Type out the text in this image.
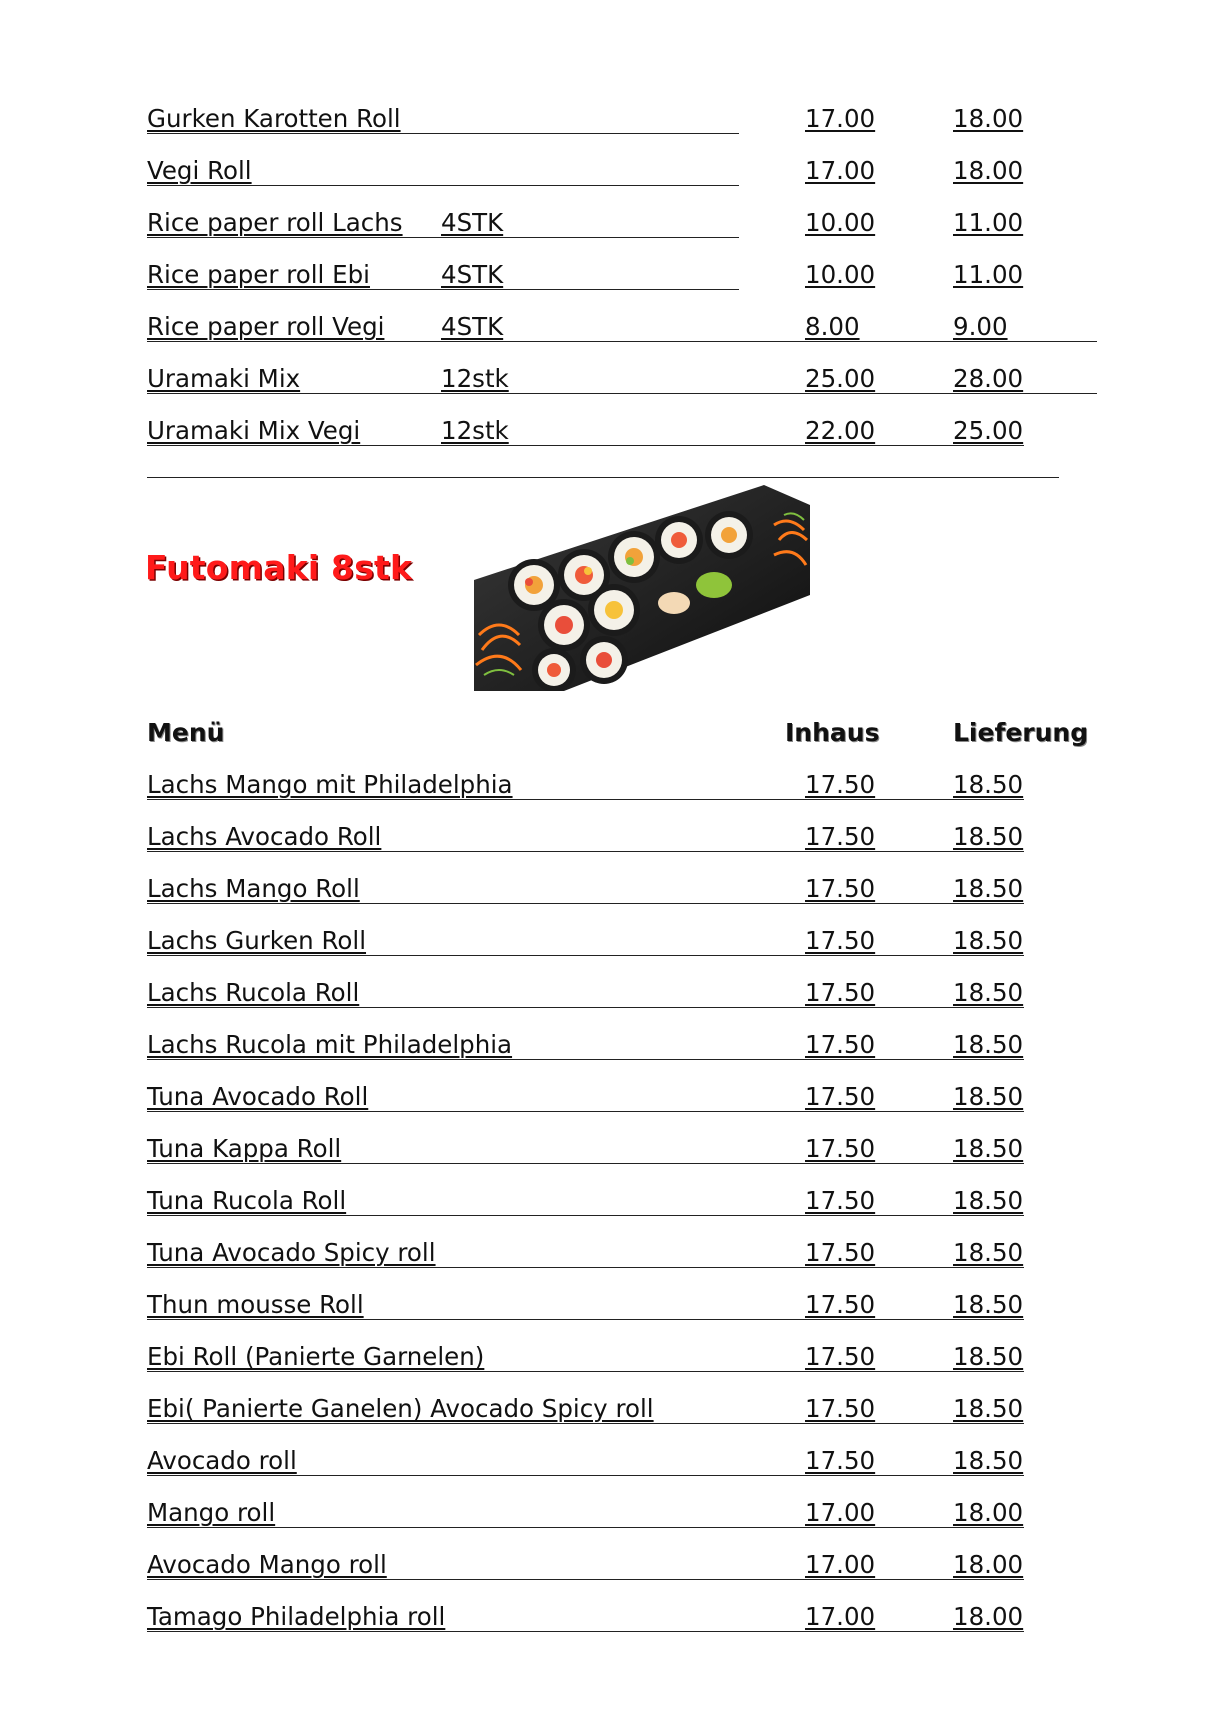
Gurken Karotten Roll	17.00	18.00
Vegi Roll	17.00	18.00
Rice paper roll Lachs 4STK	10.00	11.00
Rice paper roll Ebi	4STK	10.00	11.00
Rice paper roll Vegi 4STK	8.00	9.00
Uramaki Mix	12stk	25.00	28.00
Uramaki Mix Vegi	12stk	22.00	25.00
Futomaki 8stk
Menü	Inhaus	Lieferung
Lachs Mango mit Philadelphia	17.50	18.50
Lachs Avocado Roll	17.50	18.50
Lachs Mango Roll	17.50	18.50
Lachs Gurken Roll	17.50	18.50
Lachs Rucola Roll	17.50	18.50
Lachs Rucola mit Philadelphia	17.50	18.50
Tuna Avocado Roll	17.50	18.50
Tuna Kappa Roll	17.50	18.50
Tuna Rucola Roll	17.50	18.50
Tuna Avocado Spicy roll	17.50	18.50
Thun mousse Roll	17.50	18.50
Ebi Roll (Panierte Garnelen)	17.50	18.50
Ebi( Panierte Ganelen) Avocado Spicy roll	17.50	18.50
Avocado roll	17.50	18.50
Mango roll	17.00	18.00
Avocado Mango roll	17.00	18.00
Tamago Philadelphia roll	17.00	18.00
